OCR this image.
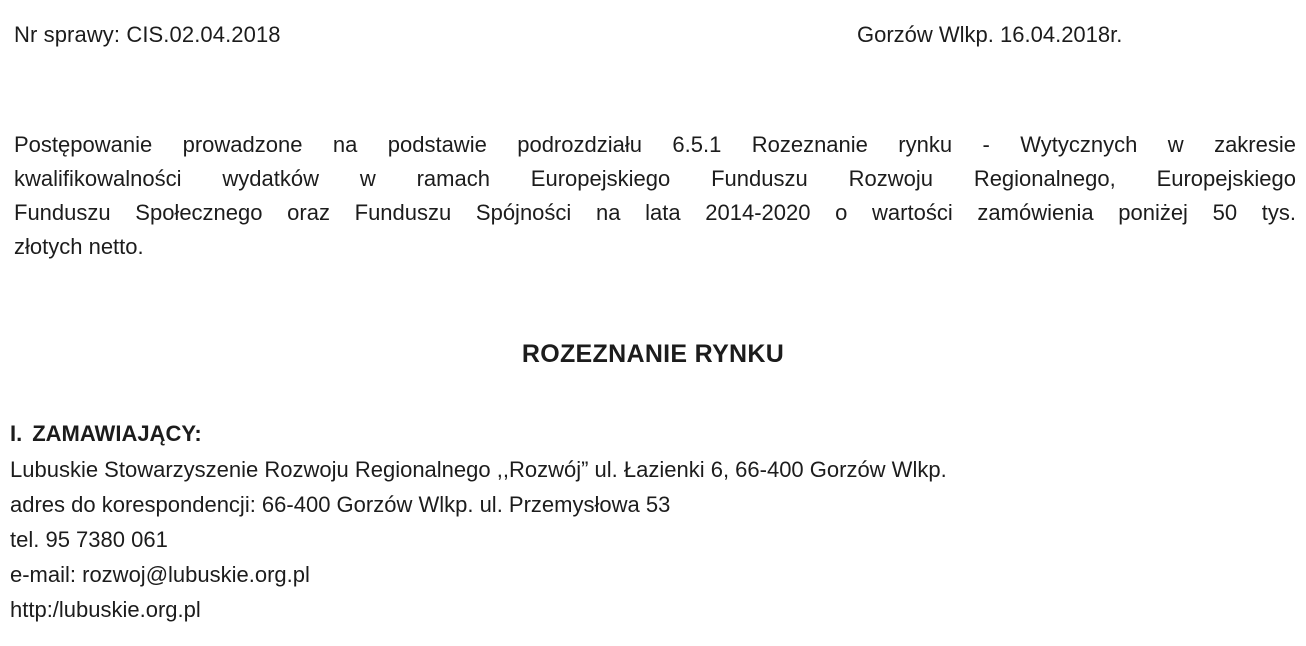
Nr sprawy: CIS.02.04.2018	Gorzów Wlkp. 16.04.2018r.

Postępowanie prowadzone na podstawie podrozdziału 6.5.1 Rozeznanie rynku - Wytycznych w zakresie
kwalifikowalności wydatków w ramach Europejskiego Funduszu Rozwoju Regionalnego, Europejskiego
Funduszu Społecznego oraz Funduszu Spójności na lata 2014-2020 o wartości zamówienia poniżej 50 tys.
złotych netto.

ROZEZNANIE RYNKU
I. ZAMAWIAJĄCY:
Lubuskie Stowarzyszenie Rozwoju Regionalnego ,,Rozwój” ul. Łazienki 6, 66-400 Gorzów Wlkp.
adres do korespondencji: 66-400 Gorzów Wlkp. ul. Przemysłowa 53
tel. 95 7380 061
e-mail: rozwoj@lubuskie.org.pl
http:/lubuskie.org.pl
